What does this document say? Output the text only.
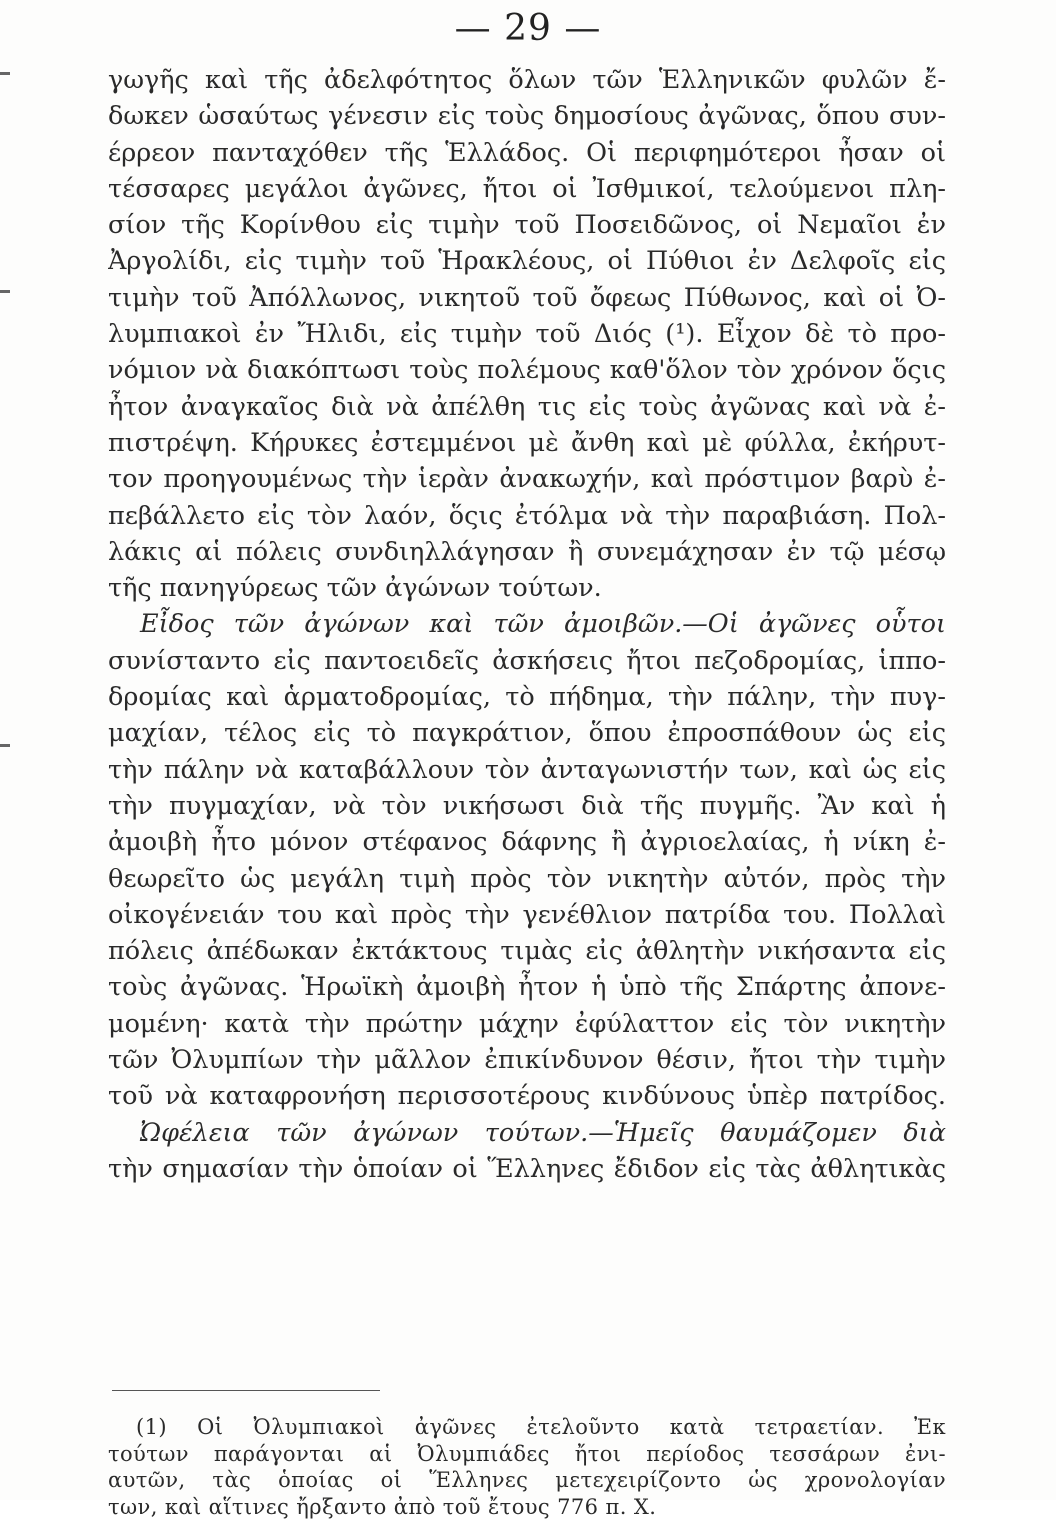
— 29 —
γωγῆς καὶ τῆς ἀδελφότητος ὅλων τῶν Ἑλληνικῶν φυλῶν ἔ-
δωκεν ὡσαύτως γένεσιν εἰς τοὺς δημοσίους ἀγῶνας, ὅπου συν-
έρρεον πανταχόθεν τῆς Ἑλλάδος. Οἱ περιφημότεροι ἦσαν οἱ
τέσσαρες μεγάλοι ἀγῶνες, ἤτοι οἱ Ἰσθμικοί, τελούμενοι πλη-
σίον τῆς Κορίνθου εἰς τιμὴν τοῦ Ποσειδῶνος, οἱ Νεμαῖοι ἐν
Ἀργολίδι, εἰς τιμὴν τοῦ Ἡρακλέους, οἱ Πύθιοι ἐν Δελφοῖς εἰς
τιμὴν τοῦ Ἀπόλλωνος, νικητοῦ τοῦ ὄφεως Πύθωνος, καὶ οἱ Ὀ-
λυμπιακοὶ ἐν Ἤλιδι, εἰς τιμὴν τοῦ Διός (¹). Εἶχον δὲ τὸ προ-
νόμιον νὰ διακόπτωσι τοὺς πολέμους καθ'ὅλον τὸν χρόνον ὅςις
ἦτον ἀναγκαῖος διὰ νὰ ἀπέλθη τις εἰς τοὺς ἀγῶνας καὶ νὰ ἐ-
πιστρέψη. Κήρυκες ἐστεμμένοι μὲ ἄνθη καὶ μὲ φύλλα, ἐκήρυτ-
τον προηγουμένως τὴν ἱερὰν ἀνακωχήν, καὶ πρόστιμον βαρὺ ἐ-
πεβάλλετο εἰς τὸν λαόν, ὅςις ἐτόλμα νὰ τὴν παραβιάση. Πολ-
λάκις αἱ πόλεις συνδιηλλάγησαν ἢ συνεμάχησαν ἐν τῷ μέσῳ
τῆς πανηγύρεως τῶν ἀγώνων τούτων.
Εἶδος τῶν ἀγώνων καὶ τῶν ἀμοιβῶν.—Οἱ ἀγῶνες οὗτοι
συνίσταντο εἰς παντοειδεῖς ἀσκήσεις ἤτοι πεζοδρομίας, ἱππο-
δρομίας καὶ ἁρματοδρομίας, τὸ πήδημα, τὴν πάλην, τὴν πυγ-
μαχίαν, τέλος εἰς τὸ παγκράτιον, ὅπου ἐπροσπάθουν ὡς εἰς
τὴν πάλην νὰ καταβάλλουν τὸν ἀνταγωνιστήν των, καὶ ὡς εἰς
τὴν πυγμαχίαν, νὰ τὸν νικήσωσι διὰ τῆς πυγμῆς. Ἂν καὶ ἡ
ἀμοιβὴ ἦτο μόνον στέφανος δάφνης ἢ ἀγριοελαίας, ἡ νίκη ἐ-
θεωρεῖτο ὡς μεγάλη τιμὴ πρὸς τὸν νικητὴν αὐτόν, πρὸς τὴν
οἰκογένειάν του καὶ πρὸς τὴν γενέθλιον πατρίδα του. Πολλαὶ
πόλεις ἀπέδωκαν ἐκτάκτους τιμὰς εἰς ἀθλητὴν νικήσαντα εἰς
τοὺς ἀγῶνας. Ἡρωϊκὴ ἀμοιβὴ ἦτον ἡ ὑπὸ τῆς Σπάρτης ἀπονε-
μομένη· κατὰ τὴν πρώτην μάχην ἐφύλαττον εἰς τὸν νικητὴν
τῶν Ὀλυμπίων τὴν μᾶλλον ἐπικίνδυνον θέσιν, ἤτοι τὴν τιμὴν
τοῦ νὰ καταφρονήση περισσοτέρους κινδύνους ὑπὲρ πατρίδος.
Ὠφέλεια τῶν ἀγώνων τούτων.—Ἡμεῖς θαυμάζομεν διὰ
τὴν σημασίαν τὴν ὁποίαν οἱ Ἕλληνες ἔδιδον εἰς τὰς ἀθλητικὰς
(1) Οἱ Ὀλυμπιακοὶ ἀγῶνες ἐτελοῦντο κατὰ τετραετίαν. Ἐκ
τούτων παράγονται αἱ Ὀλυμπιάδες ἤτοι περίοδος τεσσάρων ἐνι-
αυτῶν, τὰς ὁποίας οἱ Ἕλληνες μετεχειρίζοντο ὡς χρονολογίαν
των, καὶ αἵτινες ἤρξαντο ἀπὸ τοῦ ἔτους 776 π. Χ.
